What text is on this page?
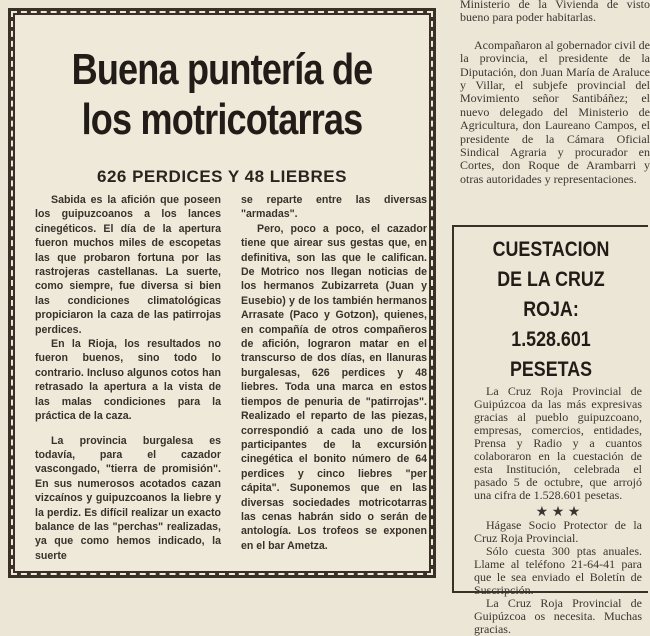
Ministerio de la Vivienda de visto bueno para poder habitarlas.

Acompañaron al gobernador civil de la provincia, el presidente de la Diputación, don Juan María de Araluce y Villar, el subjefe provincial del Movimiento señor Santibáñez; el nuevo delegado del Ministerio de Agricultura, don Laureano Campos, el presidente de la Cámara Oficial Sindical Agraria y procurador en Cortes, don Roque de Arambarri y otras autoridades y representaciones.

Buena puntería de
los motricotarras
626 PERDICES Y 48 LIEBRES

Sabida es la afición que poseen los guipuzcoanos a los lances cinegéticos. El día de la apertura fueron muchos miles de escopetas las que probaron fortuna por las rastrojeras castellanas. La suerte, como siempre, fue diversa si bien las condiciones climatológicas propiciaron la caza de las patirrojas perdices.

En la Rioja, los resultados no fueron buenos, sino todo lo contrario. Incluso algunos cotos han retrasado la apertura a la vista de las malas condiciones para la práctica de la caza.

La provincia burgalesa es todavía, para el cazador vascongado, "tierra de promisión". En sus numerosos acotados cazan vizcaínos y guipuzcoanos la liebre y la perdiz. Es difícil realizar un exacto balance de las "perchas" realizadas, ya que como hemos indicado, la suerte

se reparte entre las diversas "armadas".

Pero, poco a poco, el cazador tiene que airear sus gestas que, en definitiva, son las que le califican. De Motrico nos llegan noticias de los hermanos Zubizarreta (Juan y Eusebio) y de los también hermanos Arrasate (Paco y Gotzon), quienes, en compañía de otros compañeros de afición, lograron matar en el transcurso de dos días, en llanuras burgalesas, 626 perdices y 48 liebres. Toda una marca en estos tiempos de penuria de "patirrojas". Realizado el reparto de las piezas, correspondió a cada uno de los participantes de la excursión cinegética el bonito número de 64 perdices y cinco liebres "per cápita". Suponemos que en las diversas sociedades motricotarras las cenas habrán sido o serán de antología. Los trofeos se exponen en el bar Ametza.

CUESTACION
DE LA CRUZ ROJA:
1.528.601 PESETAS

La Cruz Roja Provincial de Guipúzcoa da las más expresivas gracias al pueblo guipuzcoano, empresas, comercios, entidades, Prensa y Radio y a cuantos colaboraron en la cuestación de esta Institución, celebrada el pasado 5 de octubre, que arrojó una cifra de 1.528.601 pesetas.

★ ★ ★

Hágase Socio Protector de la Cruz Roja Provincial.

Sólo cuesta 300 ptas anuales. Llame al teléfono 21-64-41 para que le sea enviado el Boletín de Suscripción.

La Cruz Roja Provincial de Guipúzcoa os necesita. Muchas gracias.
